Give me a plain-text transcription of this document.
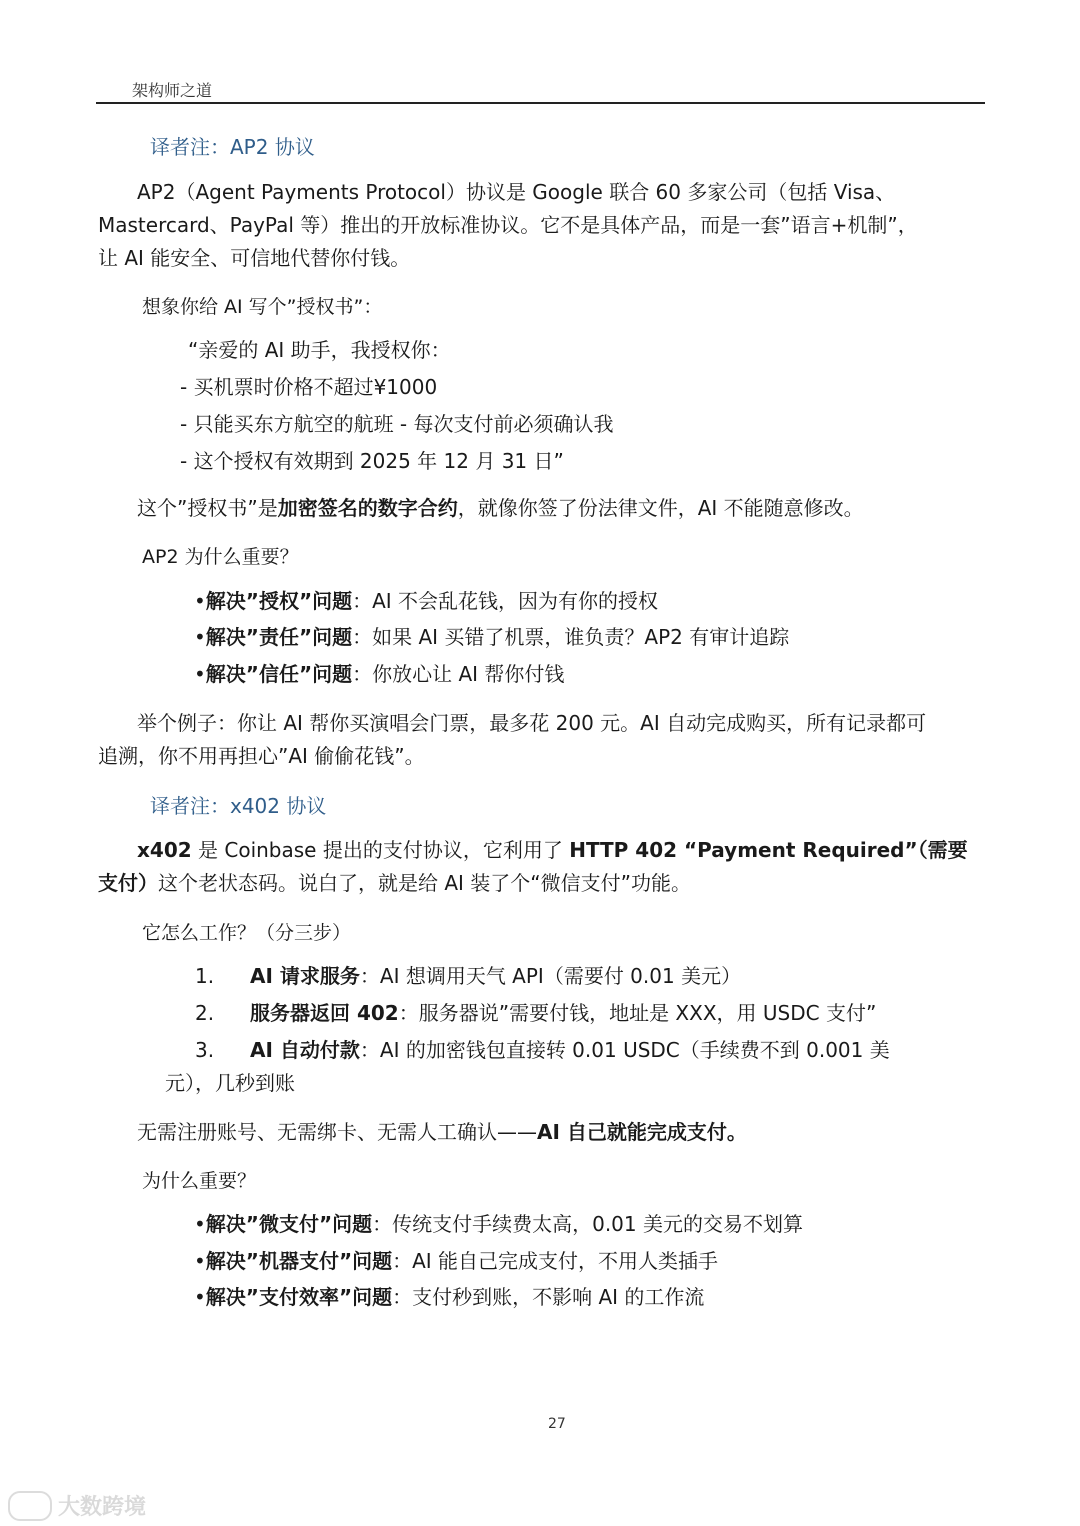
架构师之道
译者注：AP2 协议
AP2（Agent Payments Protocol）协议是 Google 联合 60 多家公司（包括 Visa、
Mastercard、PayPal 等）推出的开放标准协议。它不是具体产品，而是一套”语言+机制”，
让 AI 能安全、可信地代替你付钱。
想象你给 AI 写个”授权书”：
“亲爱的 AI 助手，我授权你：
- 买机票时价格不超过¥1000
- 只能买东方航空的航班 - 每次支付前必须确认我
- 这个授权有效期到 2025 年 12 月 31 日”
这个”授权书”是加密签名的数字合约，就像你签了份法律文件，AI 不能随意修改。
AP2 为什么重要？
•解决”授权”问题：AI 不会乱花钱，因为有你的授权
•解决”责任”问题：如果 AI 买错了机票，谁负责？AP2 有审计追踪
•解决”信任”问题：你放心让 AI 帮你付钱
举个例子：你让 AI 帮你买演唱会门票，最多花 200 元。AI 自动完成购买，所有记录都可
追溯，你不用再担心”AI 偷偷花钱”。
译者注：x402 协议
x402 是 Coinbase 提出的支付协议，它利用了 HTTP 402 “Payment Required”（需要
支付）这个老状态码。说白了，就是给 AI 装了个“微信支付”功能。
它怎么工作？（分三步）
1. AI 请求服务：AI 想调用天气 API（需要付 0.01 美元）
2. 服务器返回 402：服务器说”需要付钱，地址是 XXX，用 USDC 支付”
3. AI 自动付款：AI 的加密钱包直接转 0.01 USDC（手续费不到 0.001 美
元），几秒到账
无需注册账号、无需绑卡、无需人工确认——AI 自己就能完成支付。
为什么重要？
•解决”微支付”问题：传统支付手续费太高，0.01 美元的交易不划算
•解决”机器支付”问题：AI 能自己完成支付，不用人类插手
•解决”支付效率”问题：支付秒到账，不影响 AI 的工作流
27
大数跨境
